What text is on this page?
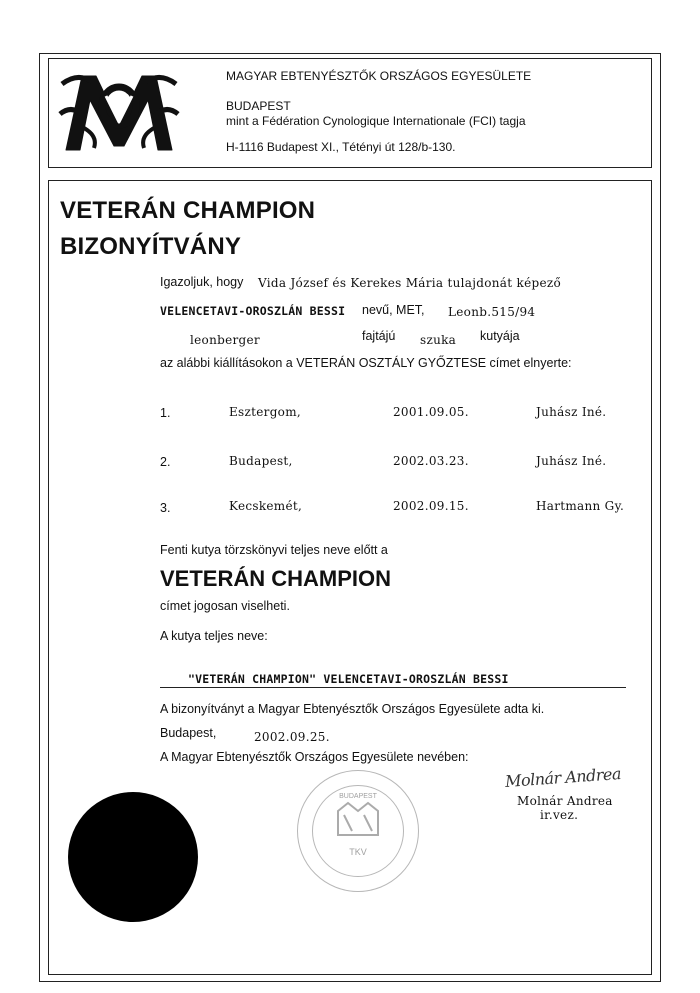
MAGYAR EBTENYÉSZTŐK ORSZÁGOS EGYESÜLETE
BUDAPEST
mint a Fédération Cynologique Internationale (FCI) tagja
H-1116 Budapest XI., Tétényi út 128/b-130.
VETERÁN CHAMPION
BIZONYÍTVÁNY
Igazoljuk, hogy Vida József és Kerekes Mária tulajdonát képező
VELENCETAVI-OROSZLÁN BESSI nevű, MET, Leonb.515/94
leonberger	fajtájú szuka kutyája
az alábbi kiállításokon a VETERÁN OSZTÁLY GYŐZTESE címet elnyerte:
1.	Esztergom,	2001.09.05.	Juhász Iné.
2.	Budapest,	2002.03.23.	Juhász Iné.
3.	Kecskemét,	2002.09.15.	Hartmann Gy.
Fenti kutya törzskönyvi teljes neve előtt a
VETERÁN CHAMPION
címet jogosan viselheti.
A kutya teljes neve:
"VETERÁN CHAMPION" VELENCETAVI-OROSZLÁN BESSI
A bizonyítványt a Magyar Ebtenyésztők Országos Egyesülete adta ki.
Budapest,	2002.09.25.
A Magyar Ebtenyésztők Országos Egyesülete nevében:
Molnár Andrea
Molnár Andrea
ir.vez.
BUDAPEST
TKV
